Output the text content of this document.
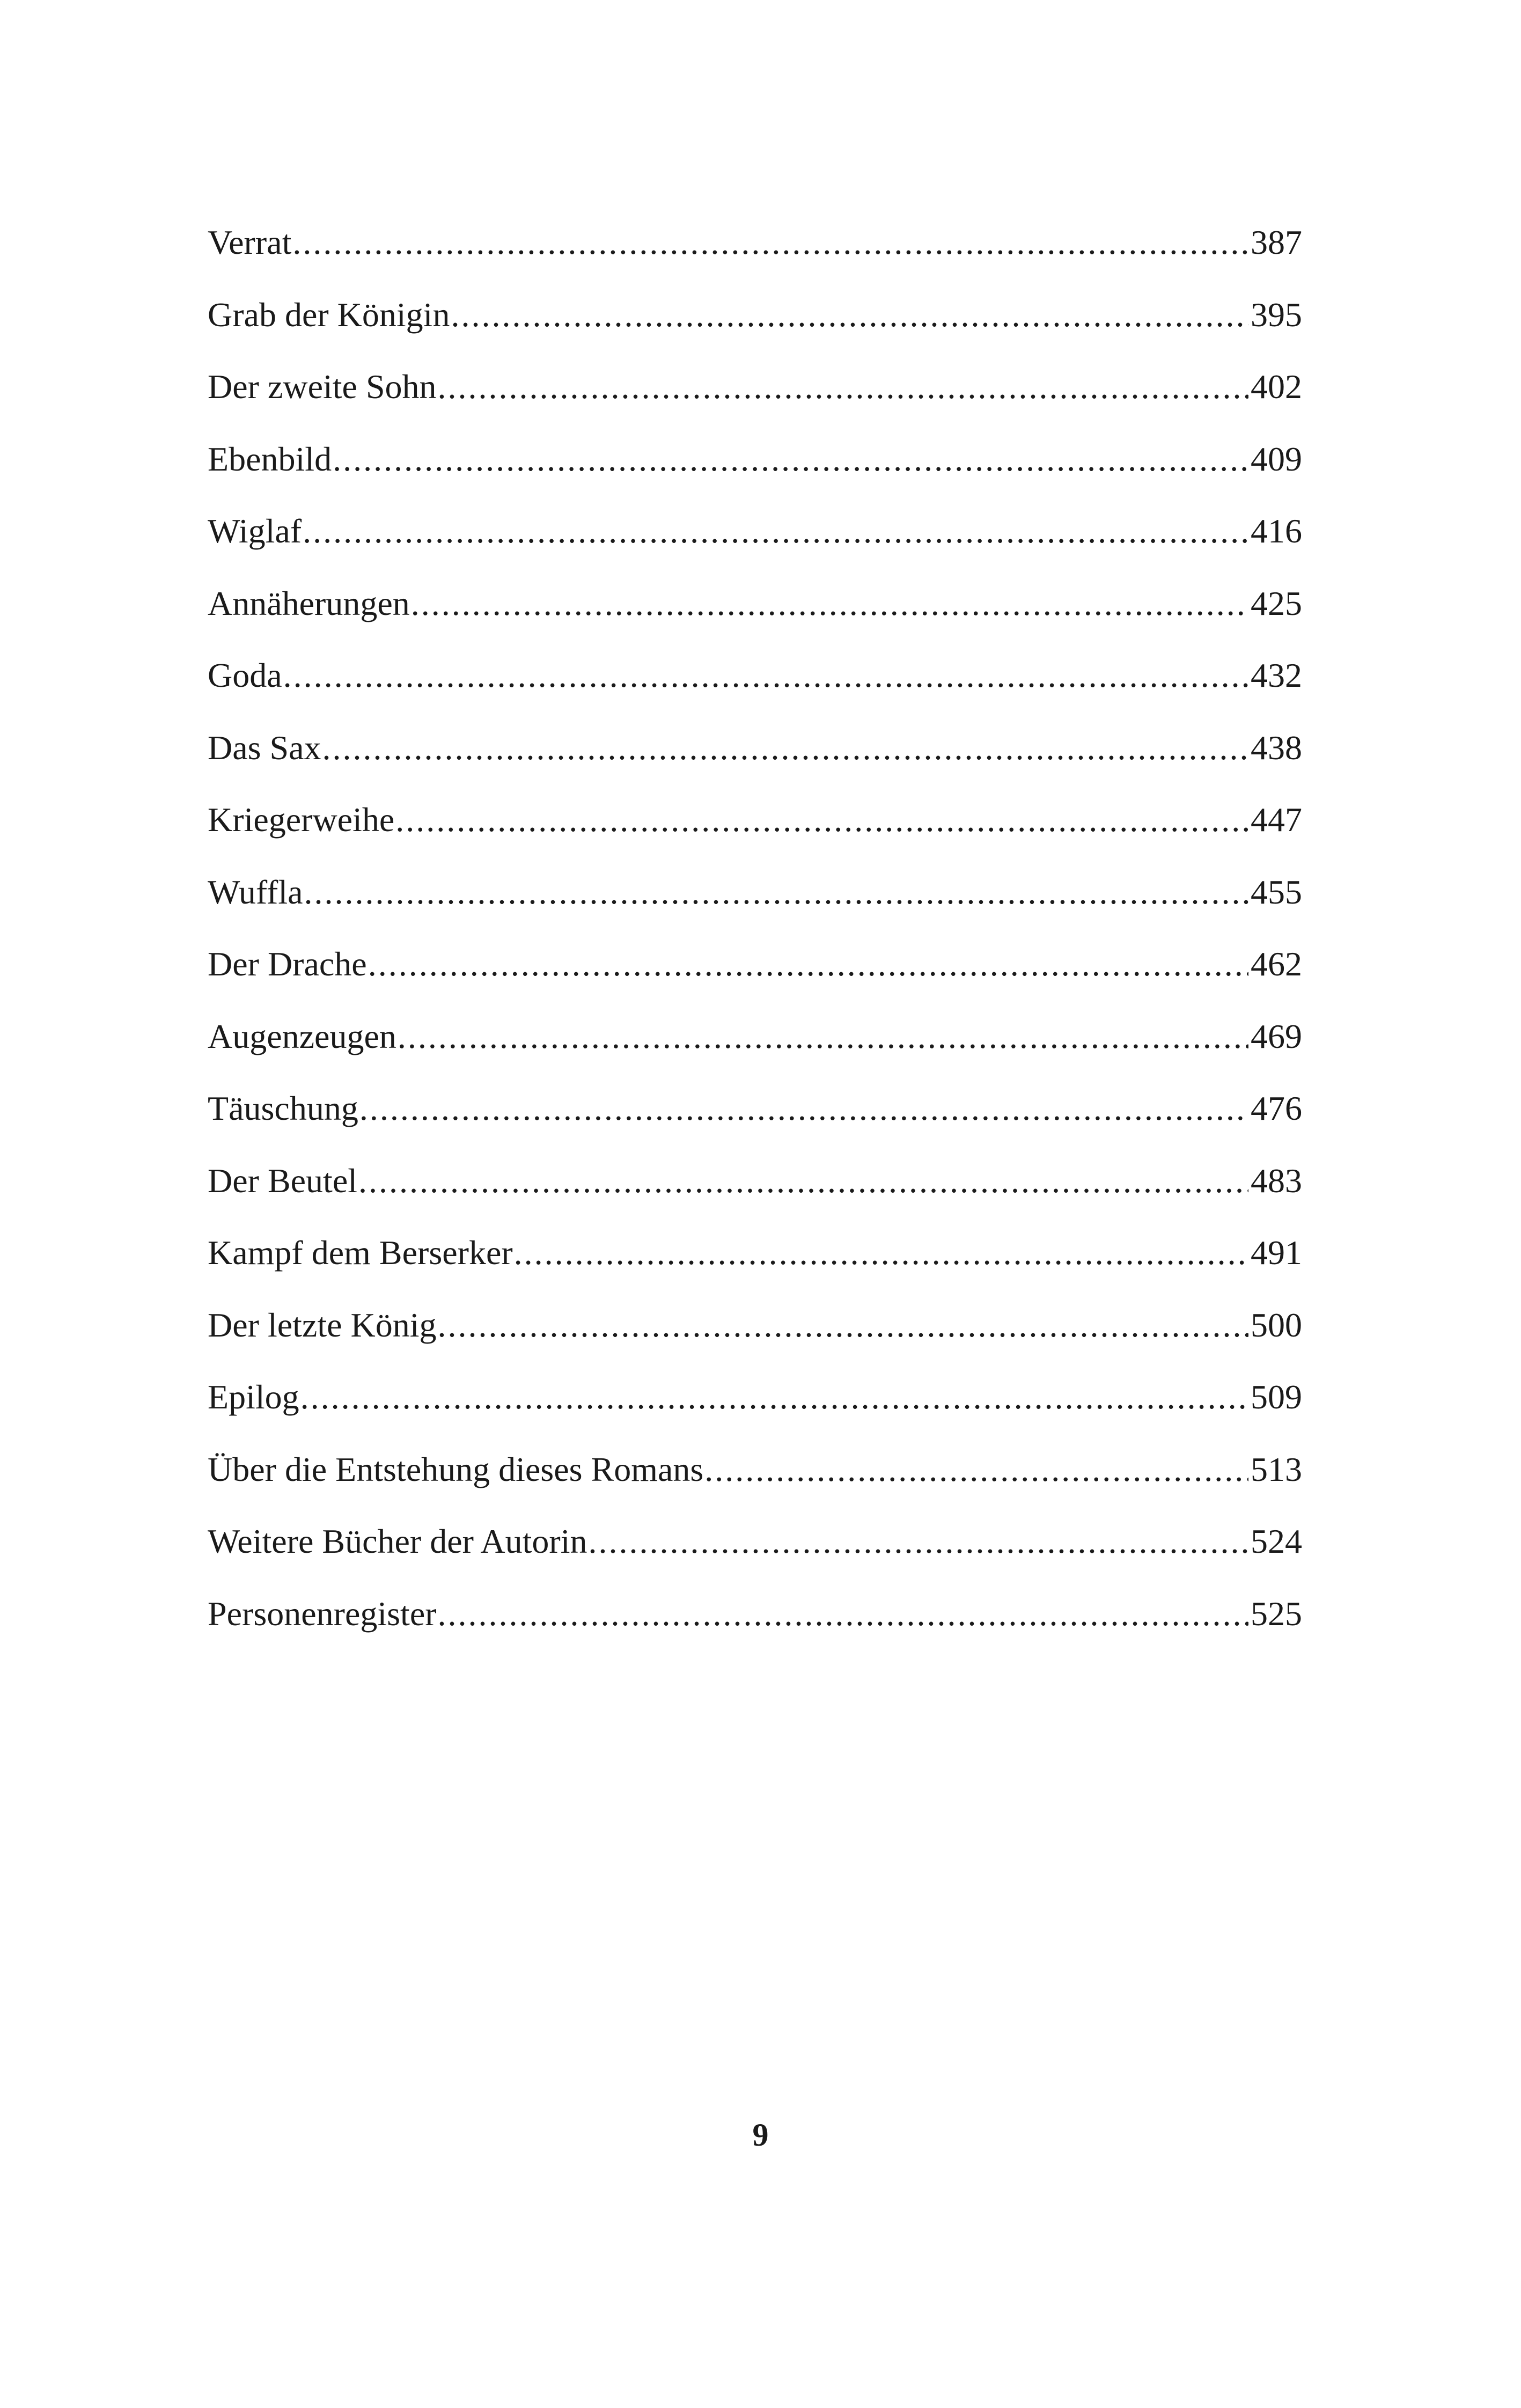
Verrat .....	387
Grab der Königin .....	395
Der zweite Sohn .....	402
Ebenbild .....	409
Wiglaf .....	416
Annäherungen .....	425
Goda .....	432
Das Sax .....	438
Kriegerweihe .....	447
Wuffla .....	455
Der Drache .....	462
Augenzeugen .....	469
Täuschung .....	476
Der Beutel .....	483
Kampf dem Berserker .....	491
Der letzte König .....	500
Epilog .....	509
Über die Entstehung dieses Romans .....	513
Weitere Bücher der Autorin .....	524
Personenregister .....	525
9
